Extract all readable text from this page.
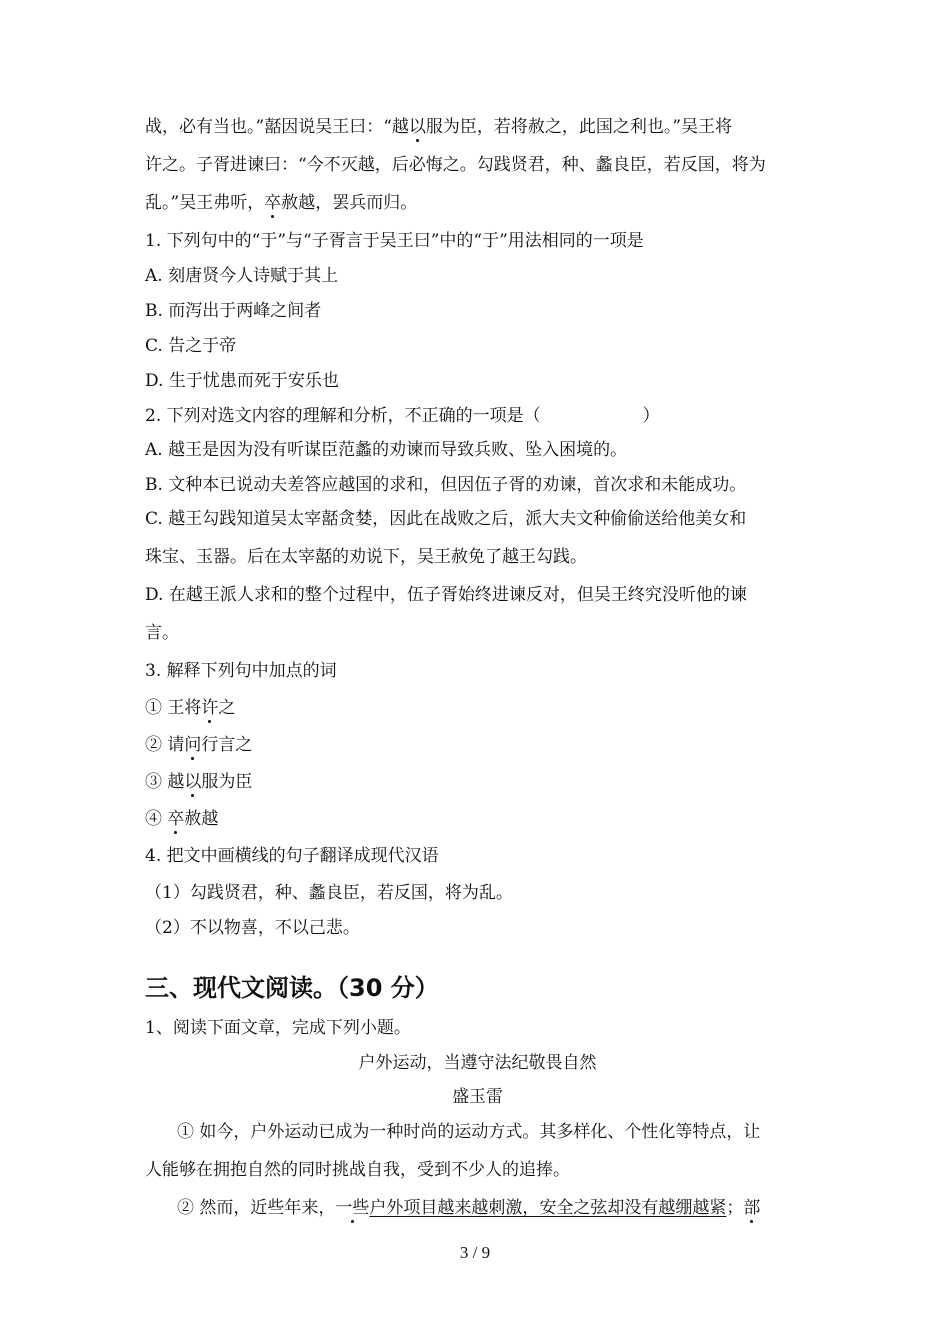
战，必有当也。”嚭因说吴王曰：“越以服为臣，若将赦之，此国之利也。”吴王将
许之。子胥进谏曰：“今不灭越，后必悔之。勾践贤君，种、蠡良臣，若反国，将为
乱。”吴王弗听，卒赦越，罢兵而归。
1. 下列句中的“于”与“子胥言于吴王曰”中的“于”用法相同的一项是
A. 刻唐贤今人诗赋于其上
B. 而泻出于两峰之间者
C. 告之于帝
D. 生于忧患而死于安乐也
2. 下列对选文内容的理解和分析，不正确的一项是（　　　　　　）
A. 越王是因为没有听谋臣范蠡的劝谏而导致兵败、坠入困境的。
B. 文种本已说动夫差答应越国的求和，但因伍子胥的劝谏，首次求和未能成功。
C. 越王勾践知道吴太宰嚭贪婪，因此在战败之后，派大夫文种偷偷送给他美女和
珠宝、玉器。后在太宰嚭的劝说下，吴王赦免了越王勾践。
D. 在越王派人求和的整个过程中，伍子胥始终进谏反对，但吴王终究没听他的谏
言。
3. 解释下列句中加点的词
① 王将许之
② 请问行言之
③ 越以服为臣
④ 卒赦越
4. 把文中画横线的句子翻译成现代汉语
（1）勾践贤君，种、蠡良臣，若反国，将为乱。
（2）不以物喜，不以己悲。
三、现代文阅读。（30 分）
1、阅读下面文章，完成下列小题。
户外运动，当遵守法纪敬畏自然
盛玉雷
① 如今，户外运动已成为一种时尚的运动方式。其多样化、个性化等特点，让
人能够在拥抱自然的同时挑战自我，受到不少人的追捧。
② 然而，近些年来，一些户外项目越来越刺激，安全之弦却没有越绷越紧；部
3 / 9
